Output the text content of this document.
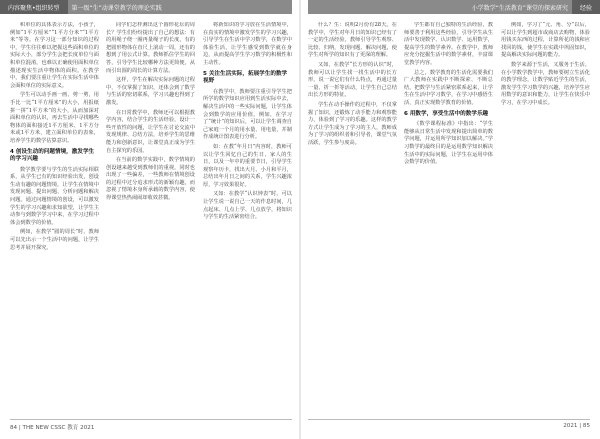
内容聚焦•组织转型	第一级“生”动课堂教学的理论实践	小学数学“生活教育”课堂的探索研究	经验

积单位的具体表示方法，小孩子，例如“1平方厘米”“1平方分米”“1平方米”等等。在学习这一部分知识的过程中，学生往往难以把握这些面积单位的实际大小，部分学生会把长度单位与面积单位混淆，也难以正确使用面积单位描述现实生活中物体的面积。在教学中，我们要注重让学生在实际生活中体会面积单位的实际意义。

学生可以动手画一画、剪一剪，用手比一比“1平方厘米”的大小，用报纸拼一拼“1平方米”的大小，从而加深对面积单位的认识，再去生活中寻找哪些物体的面积接近1平方厘米、1平方分米或1平方米，建立面积单位的表象，培养学生的数学估算意识。

4 创设生动的问题情境，激发学生的学习兴趣

数学教学要与学生的生活实际相联系，从学生已有的知识经验出发，创设生动有趣的问题情境，让学生在情境中发现问题、提出问题、分析问题和解决问题。通过问题情境的创设，可以激发学生的学习兴趣和求知欲望，让学生主动参与到数学学习中来，在学习过程中体会到数学的价值。

例如，在教学“圆的周长”时，教师可以先出示一个生活中的问题，让学生思考并展开探究。

同学们怎样测出这个圆形花坛的周长？学生们纷纷提出了自己的想法：有的用绳子绕一圈再量绳子的长度，有的把圆形物体在直尺上滚动一周，还有的想到了用公式计算。教师抓住学生的回答，引导学生比较哪种方法更简便，从而引出圆的周长的计算方法。

这样，学生在解决实际问题的过程中，不仅掌握了知识，还体会到了数学与生活的密切联系，学习兴趣也得到了激发。

在日常教学中，教师还可以根据教学内容，结合学生的生活经验，设计一些开放性的问题，让学生在讨论交流中发现规律、总结方法，培养学生的思维能力和创新意识，让课堂真正成为学生自主探究的乐园。

在当前的数学实践中，数学情境的创设越来越受到教师们的重视，同时也出现了一些偏差，一些教师在情境创设的过程中过分追求形式的新颖有趣，而忽视了情境本身所承载的数学内容，使得课堂热热闹闹却收效甚微。

将新知识的学习放在生活情境中，在真实的情境中激发学生的学习兴趣，引导学生在生活中学习数学，在数学中体验生活，让学生感受到数学就在身边，从而提高学生学习数学的积极性和主动性。

5 关注生活实际，拓展学生的数学视野

在教学中，教师要注重引导学生把所学的数学知识应用到生活实际中去，解决生活中的一些实际问题，让学生体会到数学的应用价值。例如，在学习了“统计”的知识后，可以让学生调查自己家庭一个月的用水量、用电量，并制作成统计图表进行分析。

如：在教“年月日”内容时，教师可以让学生回忆自己的生日、家人的生日，以及一年中的重要节日，引导学生观察年历卡，找出大月、小月和平月，总结出年月日之间的关系，学生兴趣浓厚，学习效果很好。

又如：在教学“认识钟表”时，可以让学生说一说自己一天的作息时间，几点起床、几点上学、几点放学，将知识与学生的生活紧密结合。

什么？生：说明2月份有28天。在教学中，学生对年月日的知识已经有了一定的生活经验，教师引导学生观察、比较、归纳，发现问题、解决问题，使学生对所学的知识有了更深的理解。

又如，在教学“长方形的认识”时，教师可以让学生找一找生活中的长方形，说一说它们有什么特点，再通过量一量、折一折等活动，让学生自己总结出长方形的特征。

学生在动手操作的过程中，不仅掌握了知识，还锻炼了动手能力和观察能力，体验到了学习的乐趣。这样的教学方式让学生成为了学习的主人，教师成为了学习的组织者和引导者，课堂气氛活跃，学生参与度高。

学生都有自己独特的生活经验，教师要善于利用这些经验，引导学生从生活中发现数学、认识数学、运用数学，提高学生的数学素养。在教学中，教师应充分挖掘生活中的数学素材，丰富课堂教学内容。

总之，数学教育的生活化需要我们广大教师在实践中不断探索、不断总结，把数学与生活紧密联系起来，让学生在生活中学习数学，在学习中感悟生活，真正实现数学教育的价值。

6 用数学，享受生活中的数学乐趣

《数学课程标准》中指出：“学生能够从日常生活中发现和提出简单的数学问题，并运用所学知识加以解决。”学习数学的最终目的是运用数学知识解决生活中的实际问题，让学生在运用中体会数学的价值。

例如，学习了“元、角、分”以后，可以让学生到超市或商店去购物，体验用钱买东西的过程，计算所花的钱和应找回的钱，使学生在实践中巩固知识，提高解决实际问题的能力。

数学来源于生活，又服务于生活。在小学数学教学中，教师要树立生活化的教学理念，让数学贴近学生的生活，激发学生学习数学的兴趣，培养学生应用数学的意识和能力，让学生在快乐中学习，在学习中成长。

84 | THE NEW CSSC 教育 2021	2021 | 85
